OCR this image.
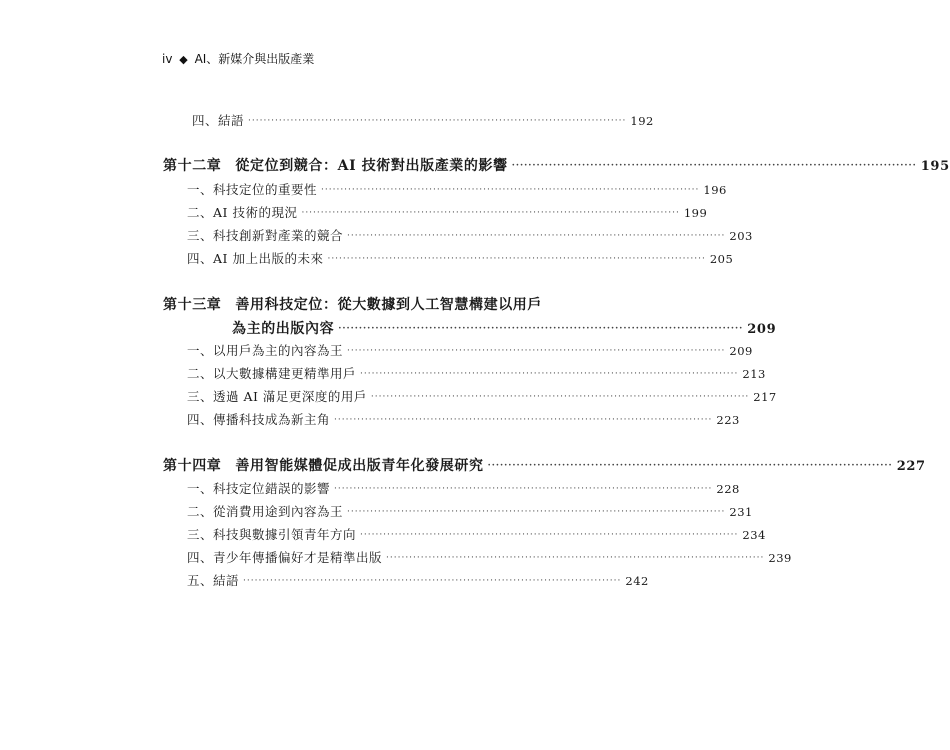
iv ◆ AI、新媒介與出版產業
四、結語 ·································································································· 192
第十二章 從定位到競合：AI 技術對出版產業的影響 ·································································································· 195
一、科技定位的重要性 ·································································································· 196
二、AI 技術的現況 ·································································································· 199
三、科技創新對產業的競合 ·································································································· 203
四、AI 加上出版的未來 ·································································································· 205
第十三章 善用科技定位：從大數據到人工智慧構建以用戶
為主的出版內容 ·································································································· 209
一、以用戶為主的內容為王 ·································································································· 209
二、以大數據構建更精準用戶 ·································································································· 213
三、透過 AI 滿足更深度的用戶 ·································································································· 217
四、傳播科技成為新主角 ·································································································· 223
第十四章 善用智能媒體促成出版青年化發展研究 ·································································································· 227
一、科技定位錯誤的影響 ·································································································· 228
二、從消費用途到內容為王 ·································································································· 231
三、科技與數據引領青年方向 ·································································································· 234
四、青少年傳播偏好才是精準出版 ·································································································· 239
五、結語 ·································································································· 242
